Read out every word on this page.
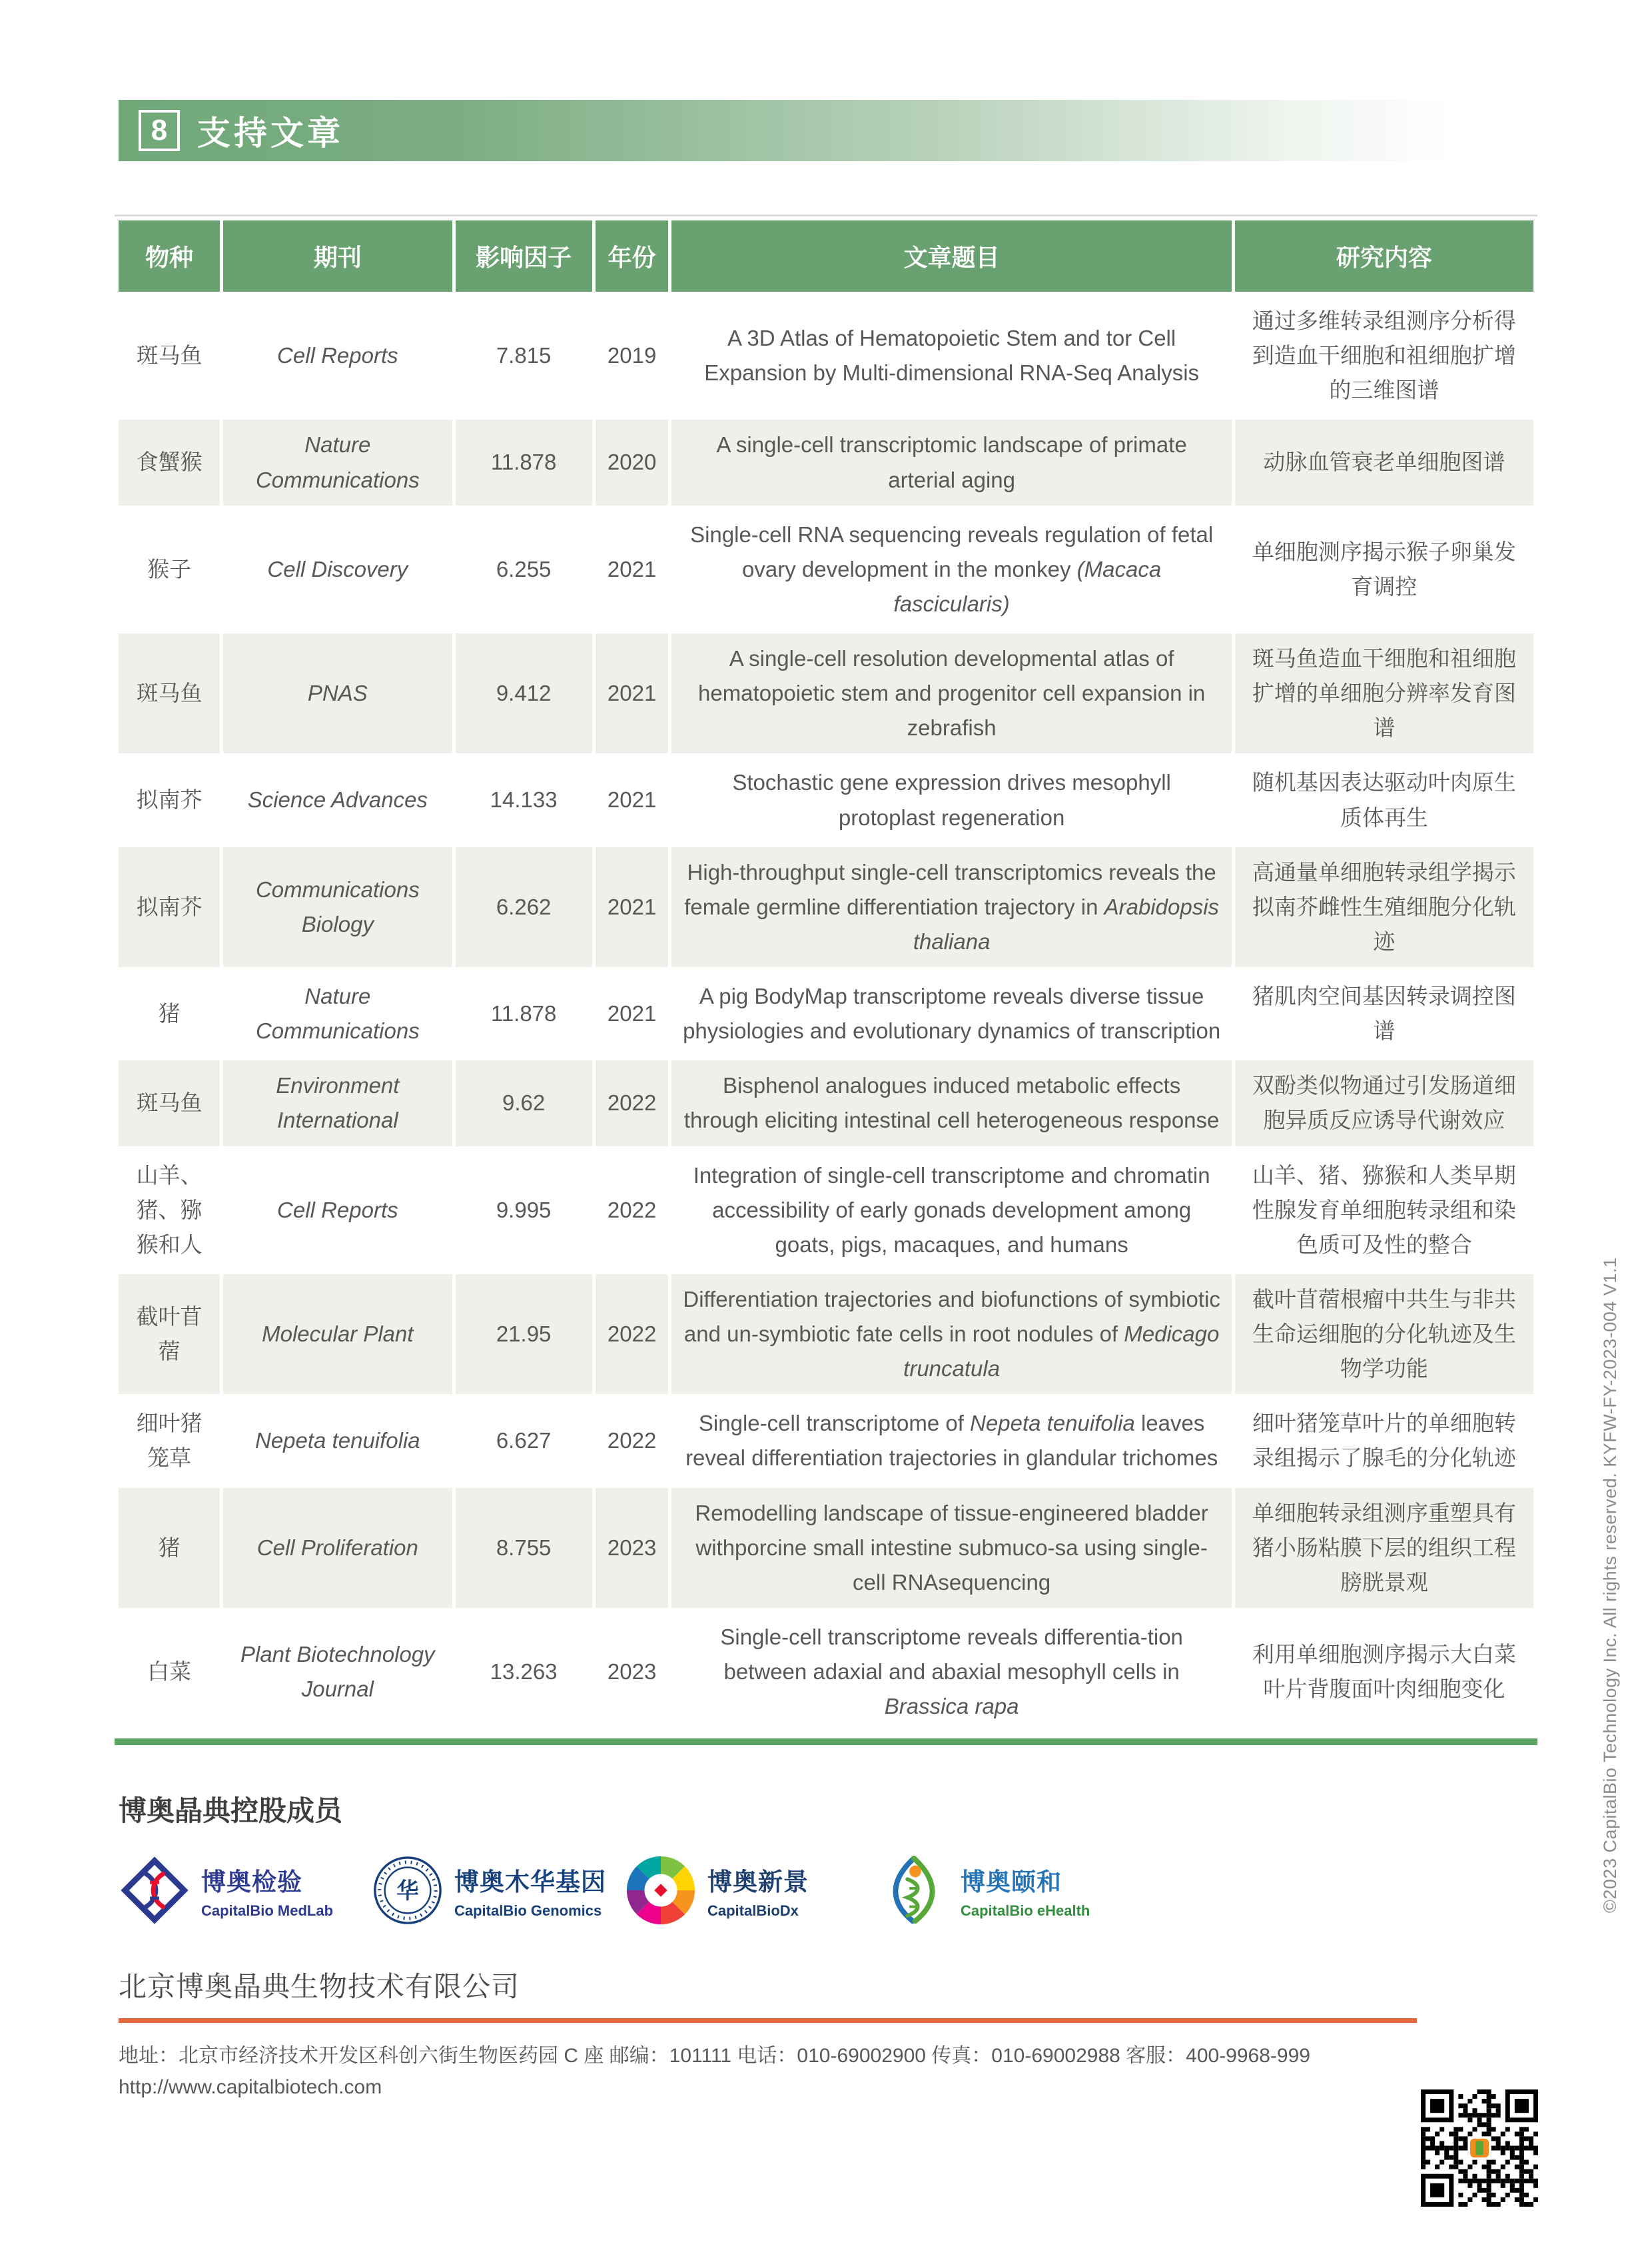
8 支持文章
物种	期刊	影响因子	年份	文章题目	研究内容
斑马鱼	Cell Reports	7.815	2019	A 3D Atlas of Hematopoietic Stem and tor Cell Expansion by Multi-dimensional RNA-Seq Analysis	通过多维转录组测序分析得到造血干细胞和祖细胞扩增的三维图谱
食蟹猴	Nature Communications	11.878	2020	A single-cell transcriptomic landscape of primate arterial aging	动脉血管衰老单细胞图谱
猴子	Cell Discovery	6.255	2021	Single-cell RNA sequencing reveals regulation of fetal ovary development in the monkey (Macaca fascicularis)	单细胞测序揭示猴子卵巢发育调控
斑马鱼	PNAS	9.412	2021	A single-cell resolution developmental atlas of hematopoietic stem and progenitor cell expansion in zebrafish	斑马鱼造血干细胞和祖细胞扩增的单细胞分辨率发育图谱
拟南芥	Science Advances	14.133	2021	Stochastic gene expression drives mesophyll protoplast regeneration	随机基因表达驱动叶肉原生质体再生
拟南芥	Communications Biology	6.262	2021	High-throughput single-cell transcriptomics reveals the female germline differentiation trajectory in Arabidopsis thaliana	高通量单细胞转录组学揭示拟南芥雌性生殖细胞分化轨迹
猪	Nature Communications	11.878	2021	A pig BodyMap transcriptome reveals diverse tissue physiologies and evolutionary dynamics of transcription	猪肌肉空间基因转录调控图谱
斑马鱼	Environment International	9.62	2022	Bisphenol analogues induced metabolic effects through eliciting intestinal cell heterogeneous response	双酚类似物通过引发肠道细胞异质反应诱导代谢效应
山羊、猪、猕猴和人	Cell Reports	9.995	2022	Integration of single-cell transcriptome and chromatin accessibility of early gonads development among goats, pigs, macaques, and humans	山羊、猪、猕猴和人类早期性腺发育单细胞转录组和染色质可及性的整合
截叶苜蓿	Molecular Plant	21.95	2022	Differentiation trajectories and biofunctions of symbiotic and un-symbiotic fate cells in root nodules of Medicago truncatula	截叶苜蓿根瘤中共生与非共生命运细胞的分化轨迹及生物学功能
细叶猪笼草	Nepeta tenuifolia	6.627	2022	Single-cell transcriptome of Nepeta tenuifolia leaves reveal differentiation trajectories in glandular trichomes	细叶猪笼草叶片的单细胞转录组揭示了腺毛的分化轨迹
猪	Cell Proliferation	8.755	2023	Remodelling landscape of tissue-engineered bladder withporcine small intestine submuco-sa using single-cell RNAsequencing	单细胞转录组测序重塑具有猪小肠粘膜下层的组织工程膀胱景观
白菜	Plant Biotechnology Journal	13.263	2023	Single-cell transcriptome reveals differentia-tion between adaxial and abaxial mesophyll cells in Brassica rapa	利用单细胞测序揭示大白菜叶片背腹面叶肉细胞变化
博奥晶典控股成员
博奥检验
CapitalBio MedLab
华 博奥木华基因
CapitalBio Genomics
博奥新景
CapitalBioDx
博奥颐和
CapitalBio eHealth
北京博奥晶典生物技术有限公司
地址：北京市经济技术开发区科创六街生物医药园 C 座 邮编：101111 电话：010-69002900 传真：010-69002988 客服：400-9968-999
http://www.capitalbiotech.com
©2023 CapitalBio Technology Inc. All rights reserved. KYFW-FY-2023-004 V1.1
